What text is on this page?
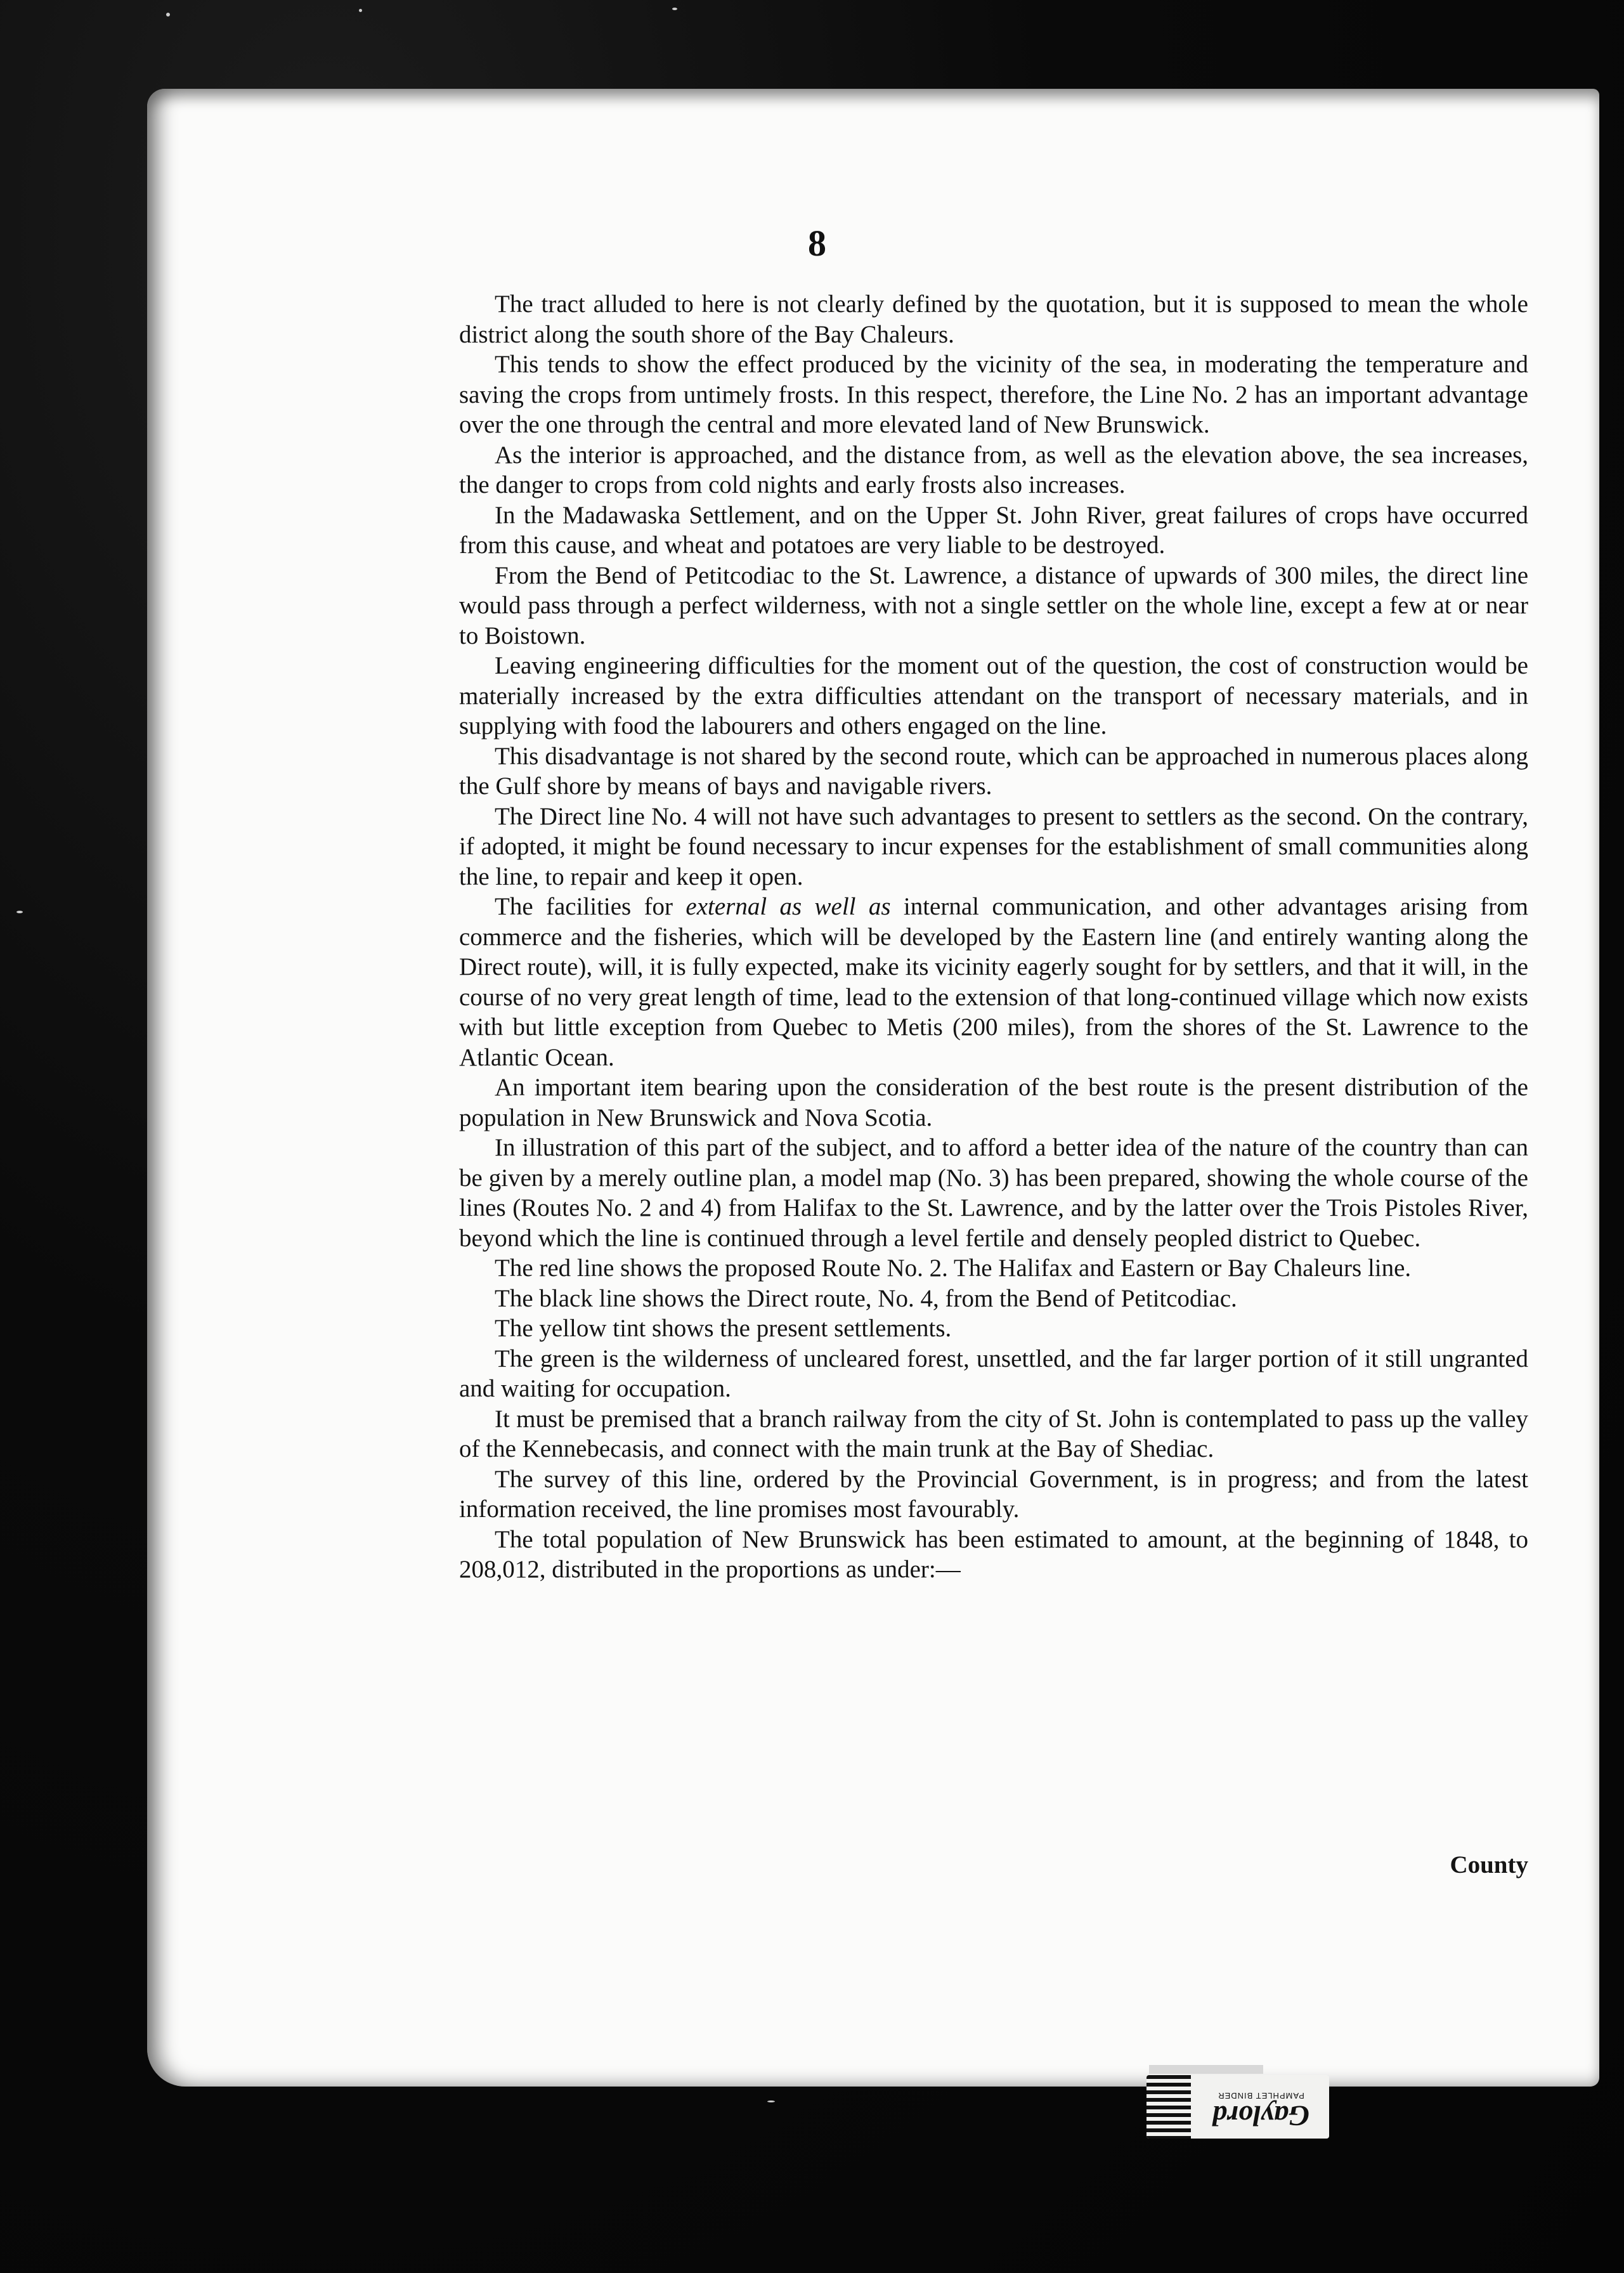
8

The tract alluded to here is not clearly defined by the quotation, but it is supposed to mean the whole district along the south shore of the Bay Chaleurs.

This tends to show the effect produced by the vicinity of the sea, in moderating the temperature and saving the crops from untimely frosts. In this respect, therefore, the Line No. 2 has an important advantage over the one through the central and more elevated land of New Brunswick.

As the interior is approached, and the distance from, as well as the elevation above, the sea increases, the danger to crops from cold nights and early frosts also increases.

In the Madawaska Settlement, and on the Upper St. John River, great failures of crops have occurred from this cause, and wheat and potatoes are very liable to be destroyed.

From the Bend of Petitcodiac to the St. Lawrence, a distance of upwards of 300 miles, the direct line would pass through a perfect wilderness, with not a single settler on the whole line, except a few at or near to Boistown.

Leaving engineering difficulties for the moment out of the question, the cost of construction would be materially increased by the extra difficulties attendant on the transport of necessary materials, and in supplying with food the labourers and others engaged on the line.

This disadvantage is not shared by the second route, which can be approached in numerous places along the Gulf shore by means of bays and navigable rivers.

The Direct line No. 4 will not have such advantages to present to settlers as the second. On the contrary, if adopted, it might be found necessary to incur expenses for the establishment of small communities along the line, to repair and keep it open.

The facilities for external as well as internal communication, and other advantages arising from commerce and the fisheries, which will be developed by the Eastern line (and entirely wanting along the Direct route), will, it is fully expected, make its vicinity eagerly sought for by settlers, and that it will, in the course of no very great length of time, lead to the extension of that long-continued village which now exists with but little exception from Quebec to Metis (200 miles), from the shores of the St. Lawrence to the Atlantic Ocean.

An important item bearing upon the consideration of the best route is the present distribution of the population in New Brunswick and Nova Scotia.

In illustration of this part of the subject, and to afford a better idea of the nature of the country than can be given by a merely outline plan, a model map (No. 3) has been prepared, showing the whole course of the lines (Routes No. 2 and 4) from Halifax to the St. Lawrence, and by the latter over the Trois Pistoles River, beyond which the line is continued through a level fertile and densely peopled district to Quebec.

The red line shows the proposed Route No. 2. The Halifax and Eastern or Bay Chaleurs line.

The black line shows the Direct route, No. 4, from the Bend of Petitcodiac.

The yellow tint shows the present settlements.

The green is the wilderness of uncleared forest, unsettled, and the far larger portion of it still ungranted and waiting for occupation.

It must be premised that a branch railway from the city of St. John is contemplated to pass up the valley of the Kennebecasis, and connect with the main trunk at the Bay of Shediac.

The survey of this line, ordered by the Provincial Government, is in progress; and from the latest information received, the line promises most favourably.

The total population of New Brunswick has been estimated to amount, at the beginning of 1848, to 208,012, distributed in the proportions as under:—

County
Gaylord
PAMPHLET BINDER
